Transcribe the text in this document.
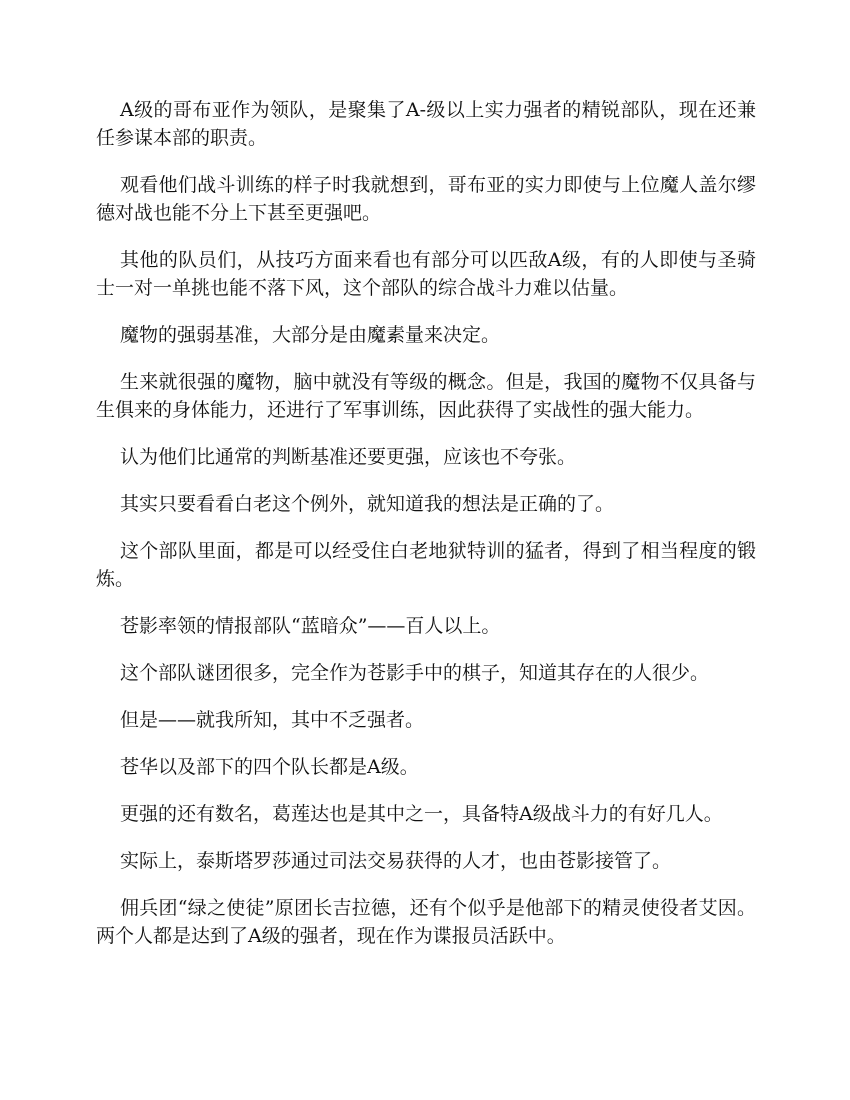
A级的哥布亚作为领队，是聚集了A-级以上实力强者的精锐部队，现在还兼任参谋本部的职责。

观看他们战斗训练的样子时我就想到，哥布亚的实力即使与上位魔人盖尔缪德对战也能不分上下甚至更强吧。

其他的队员们，从技巧方面来看也有部分可以匹敌A级，有的人即使与圣骑士一对一单挑也能不落下风，这个部队的综合战斗力难以估量。

魔物的强弱基准，大部分是由魔素量来决定。

生来就很强的魔物，脑中就没有等级的概念。但是，我国的魔物不仅具备与生俱来的身体能力，还进行了军事训练，因此获得了实战性的强大能力。

认为他们比通常的判断基准还要更强，应该也不夸张。

其实只要看看白老这个例外，就知道我的想法是正确的了。

这个部队里面，都是可以经受住白老地狱特训的猛者，得到了相当程度的锻炼。

苍影率领的情报部队“蓝暗众”——百人以上。

这个部队谜团很多，完全作为苍影手中的棋子，知道其存在的人很少。

但是——就我所知，其中不乏强者。

苍华以及部下的四个队长都是A级。

更强的还有数名，葛莲达也是其中之一，具备特A级战斗力的有好几人。

实际上，泰斯塔罗莎通过司法交易获得的人才，也由苍影接管了。

佣兵团“绿之使徒”原团长吉拉德，还有个似乎是他部下的精灵使役者艾因。两个人都是达到了A级的强者，现在作为谍报员活跃中。
